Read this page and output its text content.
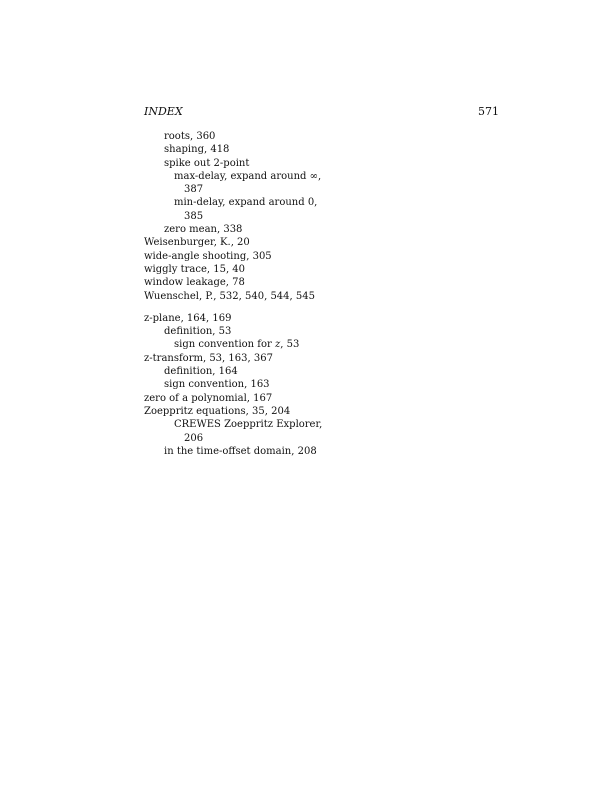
INDEX	571
roots, 360
shaping, 418
spike out 2-point
max-delay, expand around ∞,
387
min-delay, expand around 0,
385
zero mean, 338
Weisenburger, K., 20
wide-angle shooting, 305
wiggly trace, 15, 40
window leakage, 78
Wuenschel, P., 532, 540, 544, 545
z-plane, 164, 169
definition, 53
sign convention for z, 53
z-transform, 53, 163, 367
definition, 164
sign convention, 163
zero of a polynomial, 167
Zoeppritz equations, 35, 204
CREWES Zoeppritz Explorer,
206
in the time-offset domain, 208
